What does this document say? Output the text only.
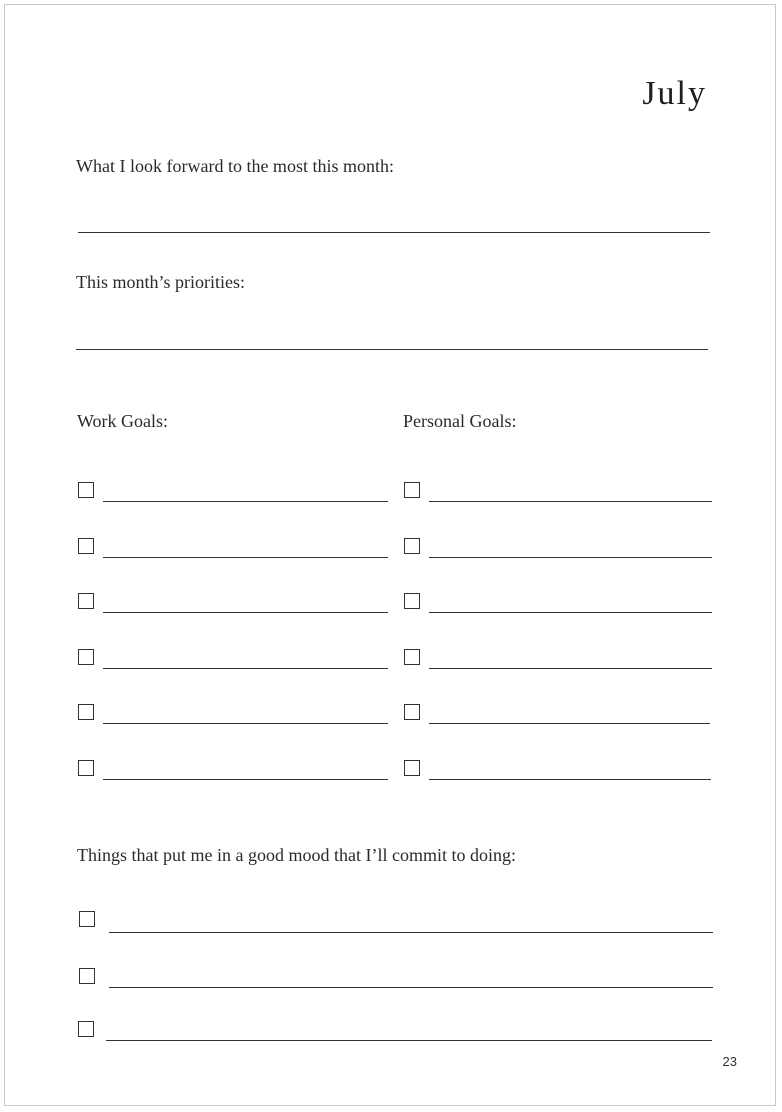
July
What I look forward to the most this month:
This month’s priorities:
Work Goals:	Personal Goals:
Things that put me in a good mood that I’ll commit to doing:
23
